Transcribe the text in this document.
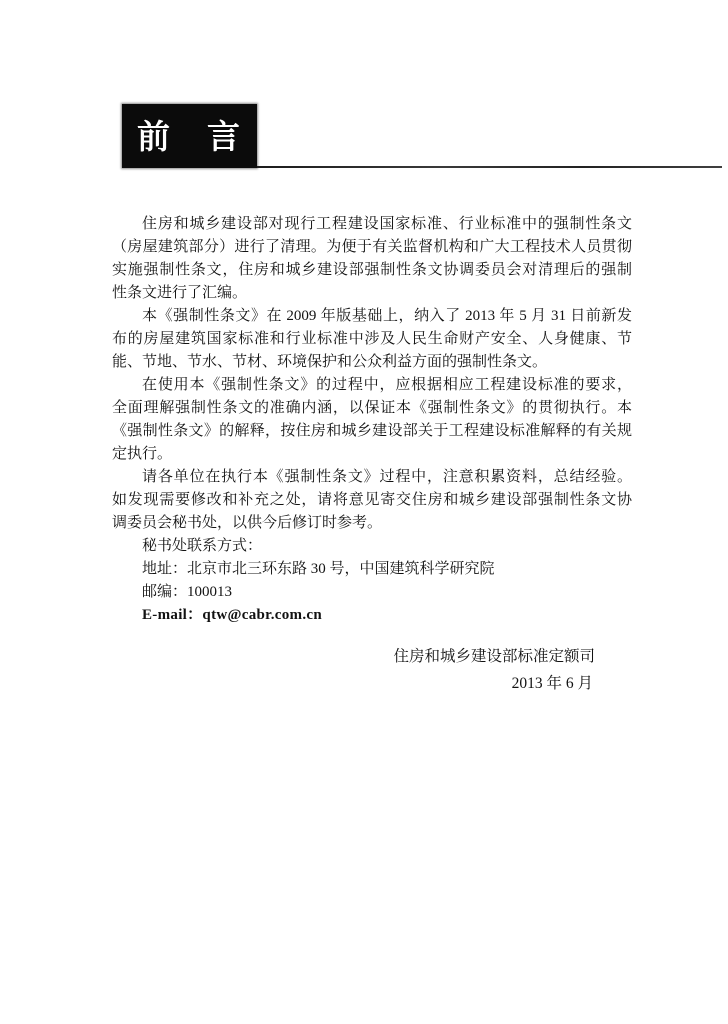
前　言
住房和城乡建设部对现行工程建设国家标准、行业标准中的强制性条文
（房屋建筑部分）进行了清理。为便于有关监督机构和广大工程技术人员贯彻
实施强制性条文，住房和城乡建设部强制性条文协调委员会对清理后的强制
性条文进行了汇编。
本《强制性条文》在 2009 年版基础上，纳入了 2013 年 5 月 31 日前新发
布的房屋建筑国家标准和行业标准中涉及人民生命财产安全、人身健康、节
能、节地、节水、节材、环境保护和公众利益方面的强制性条文。
在使用本《强制性条文》的过程中，应根据相应工程建设标准的要求，
全面理解强制性条文的准确内涵，以保证本《强制性条文》的贯彻执行。本
《强制性条文》的解释，按住房和城乡建设部关于工程建设标准解释的有关规
定执行。
请各单位在执行本《强制性条文》过程中，注意积累资料，总结经验。
如发现需要修改和补充之处，请将意见寄交住房和城乡建设部强制性条文协
调委员会秘书处，以供今后修订时参考。
秘书处联系方式：
地址：北京市北三环东路 30 号，中国建筑科学研究院
邮编：100013
E-mail：qtw@cabr.com.cn
住房和城乡建设部标准定额司
2013 年 6 月
